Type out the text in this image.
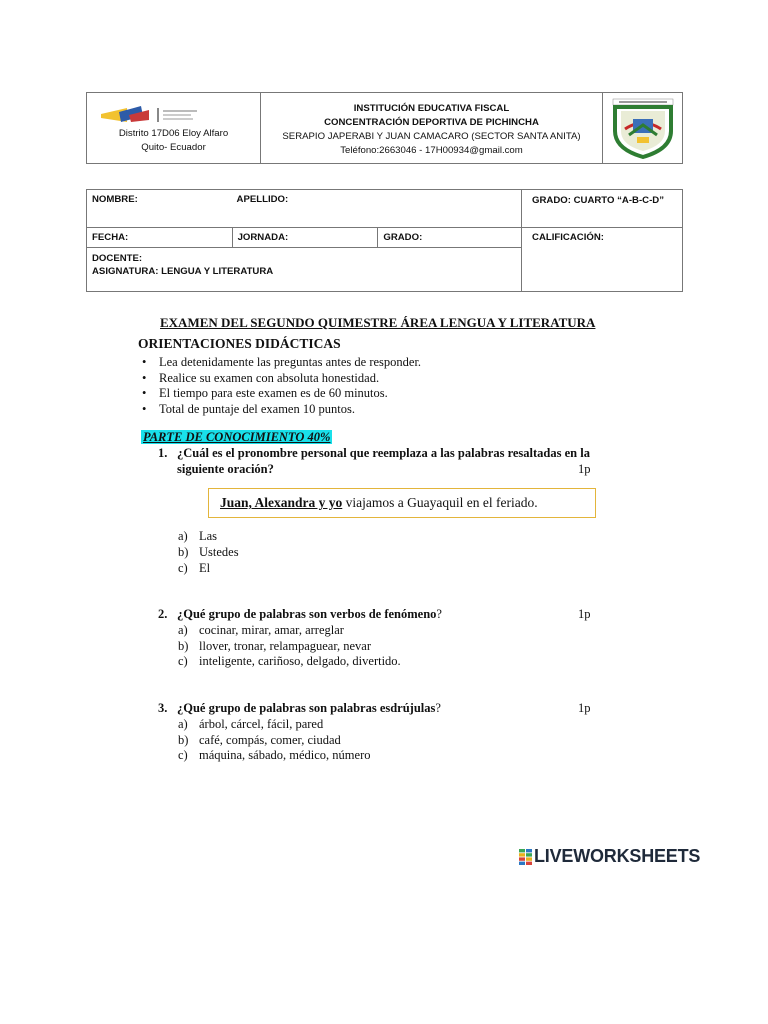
Distrito 17D06 Eloy Alfaro
Quito- Ecuador
INSTITUCIÓN EDUCATIVA FISCAL
CONCENTRACIÓN DEPORTIVA DE PICHINCHA
SERAPIO JAPERABI Y JUAN CAMACARO (SECTOR SANTA ANITA)
Teléfono:2663046 - 17H00934@gmail.com
NOMBRE: APELLIDO:			GRADO: CUARTO “A-B-C-D”
FECHA:	JORNADA:	GRADO:	CALIFICACIÓN:

DOCENTE:
ASIGNATURA: LENGUA Y LITERATURA			
EXAMEN DEL SEGUNDO QUIMESTRE ÁREA LENGUA Y LITERATURA
ORIENTACIONES DIDÁCTICAS
• Lea detenidamente las preguntas antes de responder.
• Realice su examen con absoluta honestidad.
• El tiempo para este examen es de 60 minutos.
• Total de puntaje del examen 10 puntos.
PARTE DE CONOCIMIENTO 40%
1. ¿Cuál es el pronombre personal que reemplaza a las palabras resaltadas en la
siguiente oración?	1p
Juan, Alexandra y yo viajamos a Guayaquil en el feriado.
a) Las
b) Ustedes
c) El
2. ¿Qué grupo de palabras son verbos de fenómeno?	1p
a) cocinar, mirar, amar, arreglar
b) llover, tronar, relampaguear, nevar
c) inteligente, cariñoso, delgado, divertido.
3. ¿Qué grupo de palabras son palabras esdrújulas?	1p
a) árbol, cárcel, fácil, pared
b) café, compás, comer, ciudad
c) máquina, sábado, médico, número
LIVEWORKSHEETS
